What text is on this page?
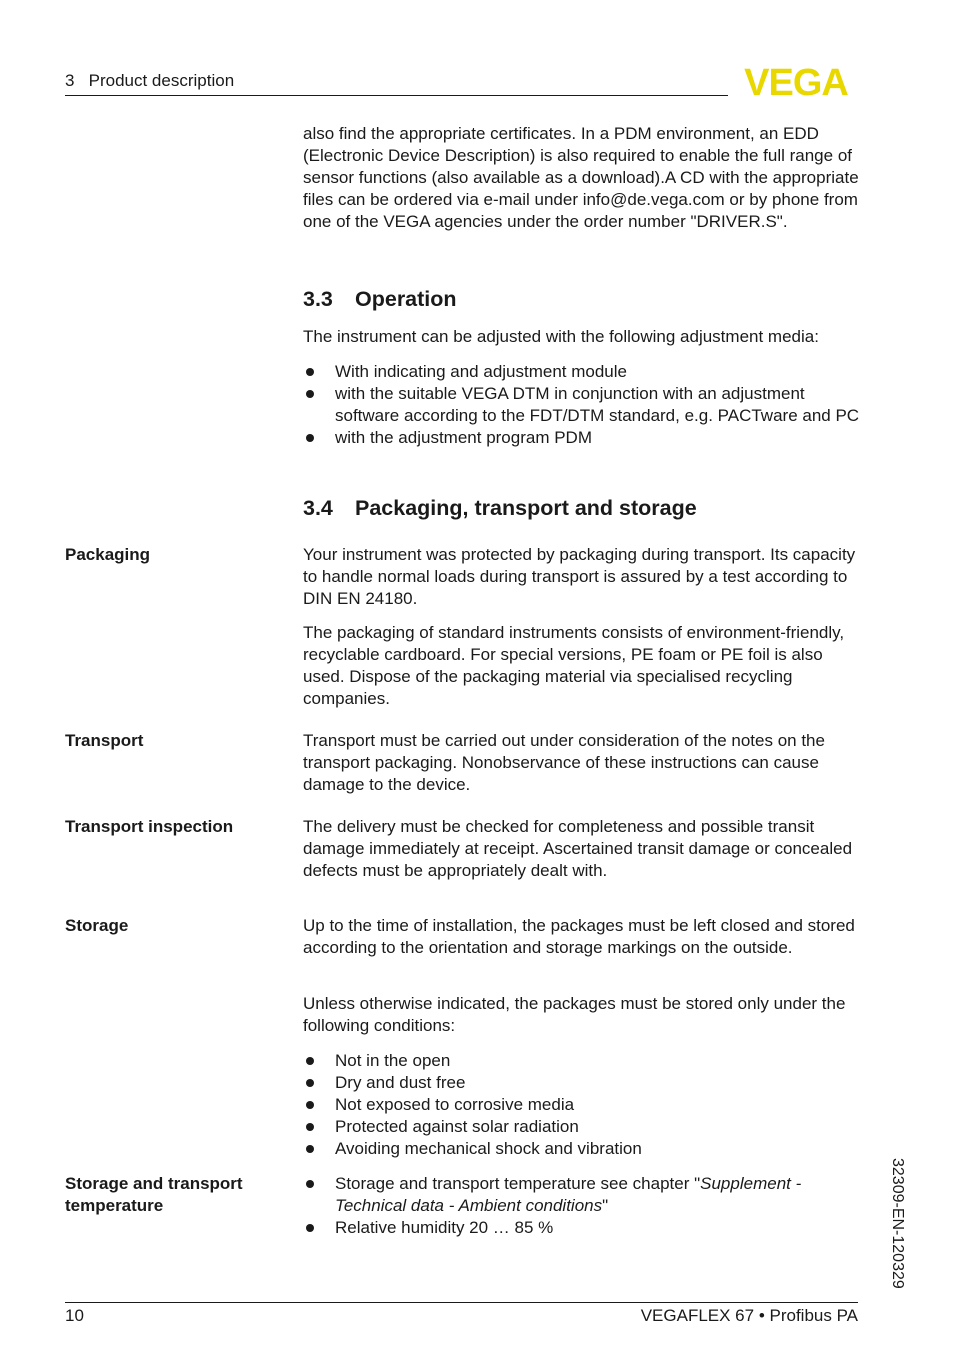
3   Product description	VEGA
also find the appropriate certificates. In a PDM environment, an EDD (Electronic Device Description) is also required to enable the full range of sensor functions (also available as a download).A CD with the appropriate files can be ordered via e-mail under info@de.vega.com or by phone from one of the VEGA agencies under the order number "DRIVER.S".
3.3 Operation
The instrument can be adjusted with the following adjustment media:
With indicating and adjustment module
with the suitable VEGA DTM in conjunction with an adjustment software according to the FDT/DTM standard, e.g. PACTware and PC
with the adjustment program PDM
3.4 Packaging, transport and storage
Packaging	Your instrument was protected by packaging during transport. Its capacity to handle normal loads during transport is assured by a test according to DIN EN 24180.
The packaging of standard instruments consists of environment-friendly, recyclable cardboard. For special versions, PE foam or PE foil is also used. Dispose of the packaging material via specialised recycling companies.
Transport	Transport must be carried out under consideration of the notes on the transport packaging. Nonobservance of these instructions can cause damage to the device.
Transport inspection	The delivery must be checked for completeness and possible transit damage immediately at receipt. Ascertained transit damage or concealed defects must be appropriately dealt with.
Storage	Up to the time of installation, the packages must be left closed and stored according to the orientation and storage markings on the outside.
Unless otherwise indicated, the packages must be stored only under the following conditions:
Not in the open
Dry and dust free
Not exposed to corrosive media
Protected against solar radiation
Avoiding mechanical shock and vibration
Storage and transport
temperature
Storage and transport temperature see chapter "Supplement - Technical data - Ambient conditions"
Relative humidity 20 … 85 %	32309-EN-120329
10	VEGAFLEX 67 • Profibus PA
